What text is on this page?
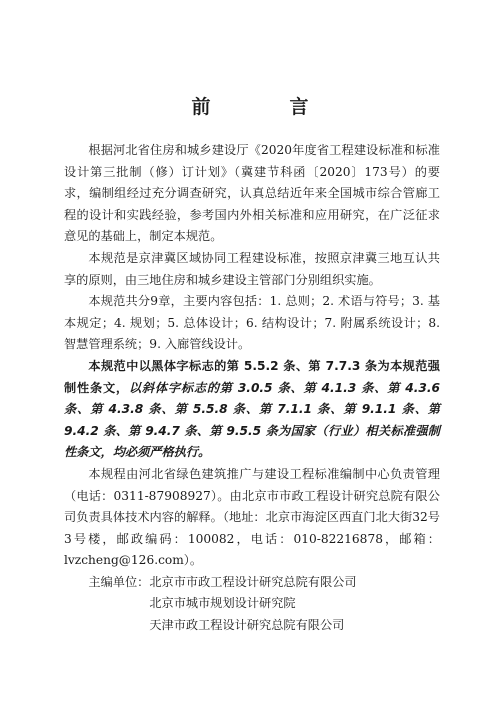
前　言

根据河北省住房和城乡建设厅《2020年度省工程建设标准和标准设计第三批制（修）订计划》（冀建节科函〔2020〕173号）的要求，编制组经过充分调查研究，认真总结近年来全国城市综合管廊工程的设计和实践经验，参考国内外相关标准和应用研究，在广泛征求意见的基础上，制定本规范。

本规范是京津冀区域协同工程建设标准，按照京津冀三地互认共享的原则，由三地住房和城乡建设主管部门分别组织实施。

本规范共分9章，主要内容包括：1. 总则；2. 术语与符号；3. 基本规定；4. 规划；5. 总体设计；6. 结构设计；7. 附属系统设计；8. 智慧管理系统；9. 入廊管线设计。

本规范中以黑体字标志的第 5.5.2 条、第 7.7.3 条为本规范强制性条文，以斜体字标志的第 3.0.5 条、第 4.1.3 条、第 4.3.6 条、第 4.3.8 条、第 5.5.8 条、第 7.1.1 条、第 9.1.1 条、第 9.4.2 条、第 9.4.7 条、第 9.5.5 条为国家（行业）相关标准强制性条文，均必须严格执行。

本规程由河北省绿色建筑推广与建设工程标准编制中心负责管理（电话：0311-87908927）。由北京市市政工程设计研究总院有限公司负责具体技术内容的解释。（地址：北京市海淀区西直门北大街32号3号楼，邮政编码：100082，电话：010-82216878，邮箱：lvzcheng@126.com）。

主编单位： 北京市市政工程设计研究总院有限公司
北京市城市规划设计研究院
天津市政工程设计研究总院有限公司
